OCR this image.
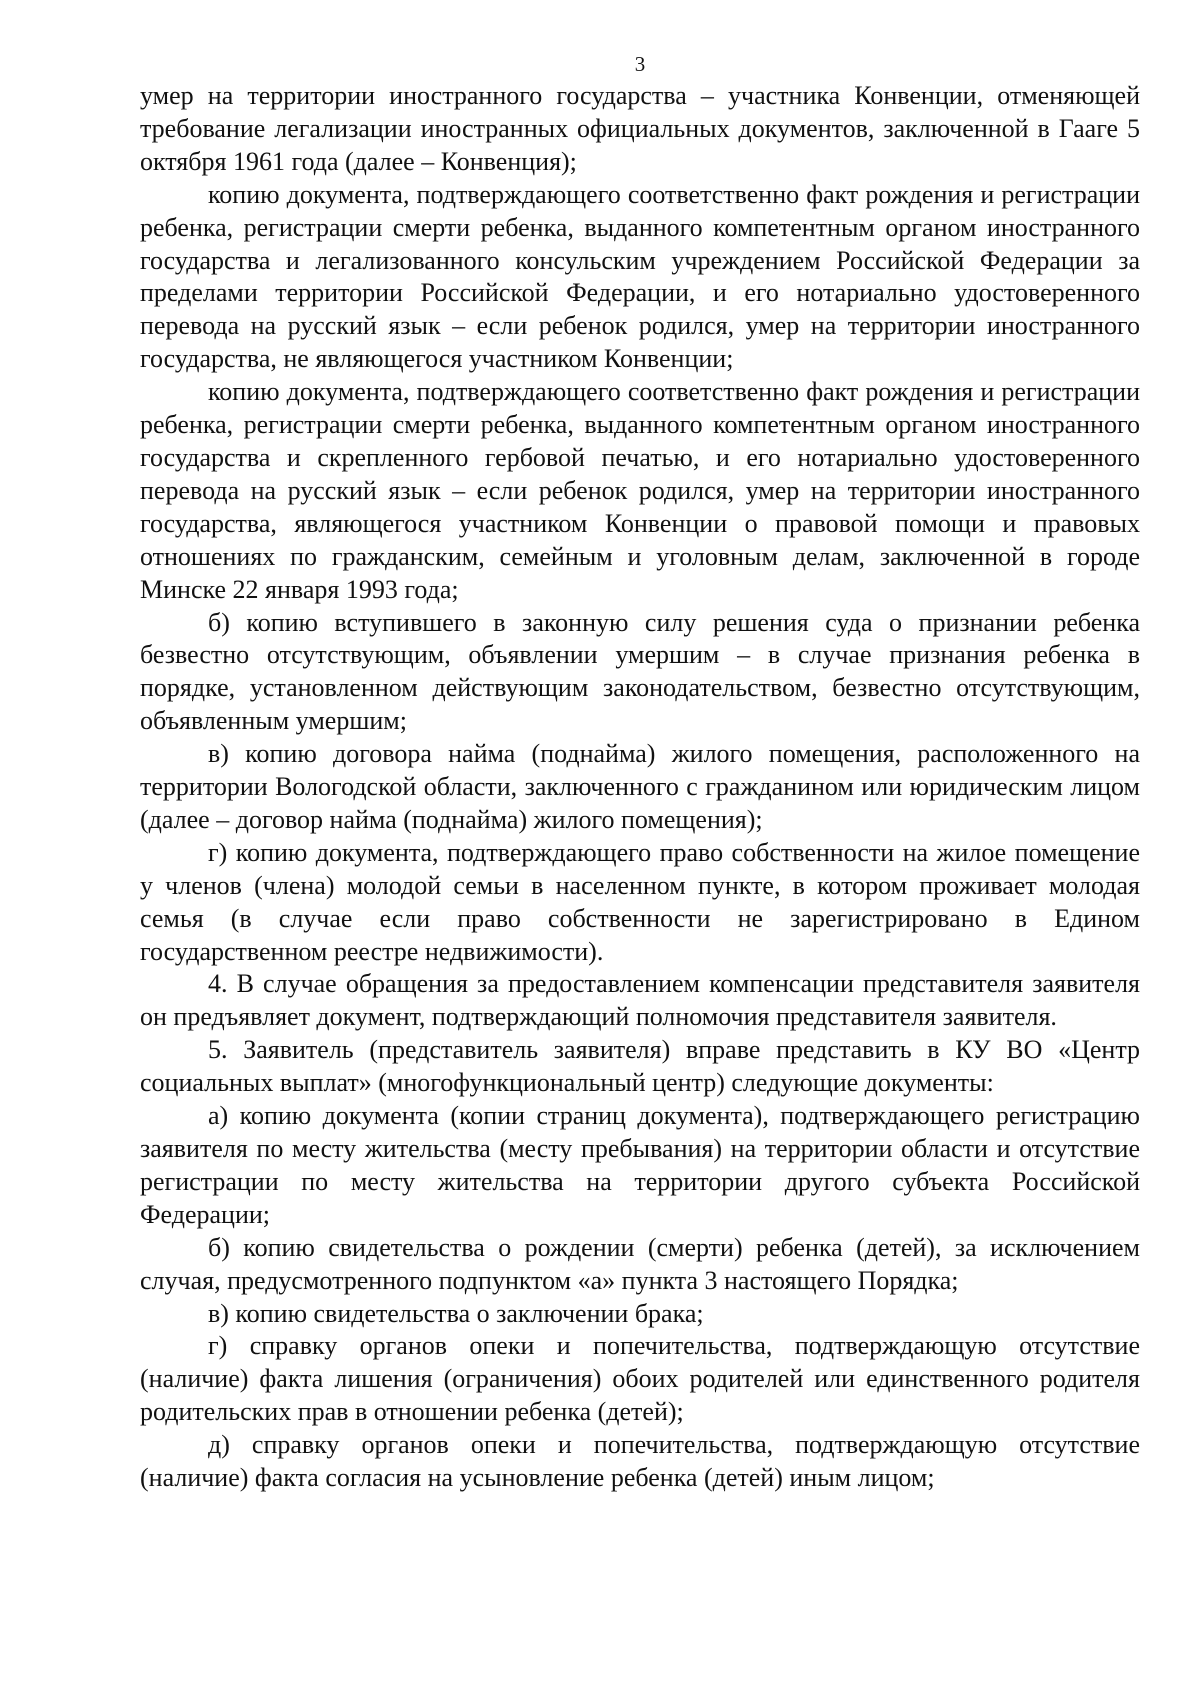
3

умер на территории иностранного государства – участника Конвенции, отменяющей требование легализации иностранных официальных документов, заключенной в Гааге 5 октября 1961 года (далее – Конвенция);

копию документа, подтверждающего соответственно факт рождения и регистрации ребенка, регистрации смерти ребенка, выданного компетентным органом иностранного государства и легализованного консульским учреждением Российской Федерации за пределами территории Российской Федерации, и его нотариально удостоверенного перевода на русский язык – если ребенок родился, умер на территории иностранного государства, не являющегося участником Конвенции;

копию документа, подтверждающего соответственно факт рождения и регистрации ребенка, регистрации смерти ребенка, выданного компетентным органом иностранного государства и скрепленного гербовой печатью, и его нотариально удостоверенного перевода на русский язык – если ребенок родился, умер на территории иностранного государства, являющегося участником Конвенции о правовой помощи и правовых отношениях по гражданским, семейным и уголовным делам, заключенной в городе Минске 22 января 1993 года;

б) копию вступившего в законную силу решения суда о признании ребенка безвестно отсутствующим, объявлении умершим – в случае признания ребенка в порядке, установленном действующим законодательством, безвестно отсутствующим, объявленным умершим;

в) копию договора найма (поднайма) жилого помещения, расположенного на территории Вологодской области, заключенного с гражданином или юридическим лицом (далее – договор найма (поднайма) жилого помещения);

г) копию документа, подтверждающего право собственности на жилое помещение у членов (члена) молодой семьи в населенном пункте, в котором проживает молодая семья (в случае если право собственности не зарегистрировано в Едином государственном реестре недвижимости).

4. В случае обращения за предоставлением компенсации представителя заявителя он предъявляет документ, подтверждающий полномочия представителя заявителя.

5. Заявитель (представитель заявителя) вправе представить в КУ ВО «Центр социальных выплат» (многофункциональный центр) следующие документы:

а) копию документа (копии страниц документа), подтверждающего регистрацию заявителя по месту жительства (месту пребывания) на территории области и отсутствие регистрации по месту жительства на территории другого субъекта Российской Федерации;

б) копию свидетельства о рождении (смерти) ребенка (детей), за исключением случая, предусмотренного подпунктом «а» пункта 3 настоящего Порядка;

в) копию свидетельства о заключении брака;

г) справку органов опеки и попечительства, подтверждающую отсутствие (наличие) факта лишения (ограничения) обоих родителей или единственного родителя родительских прав в отношении ребенка (детей);

д) справку органов опеки и попечительства, подтверждающую отсутствие (наличие) факта согласия на усыновление ребенка (детей) иным лицом;
